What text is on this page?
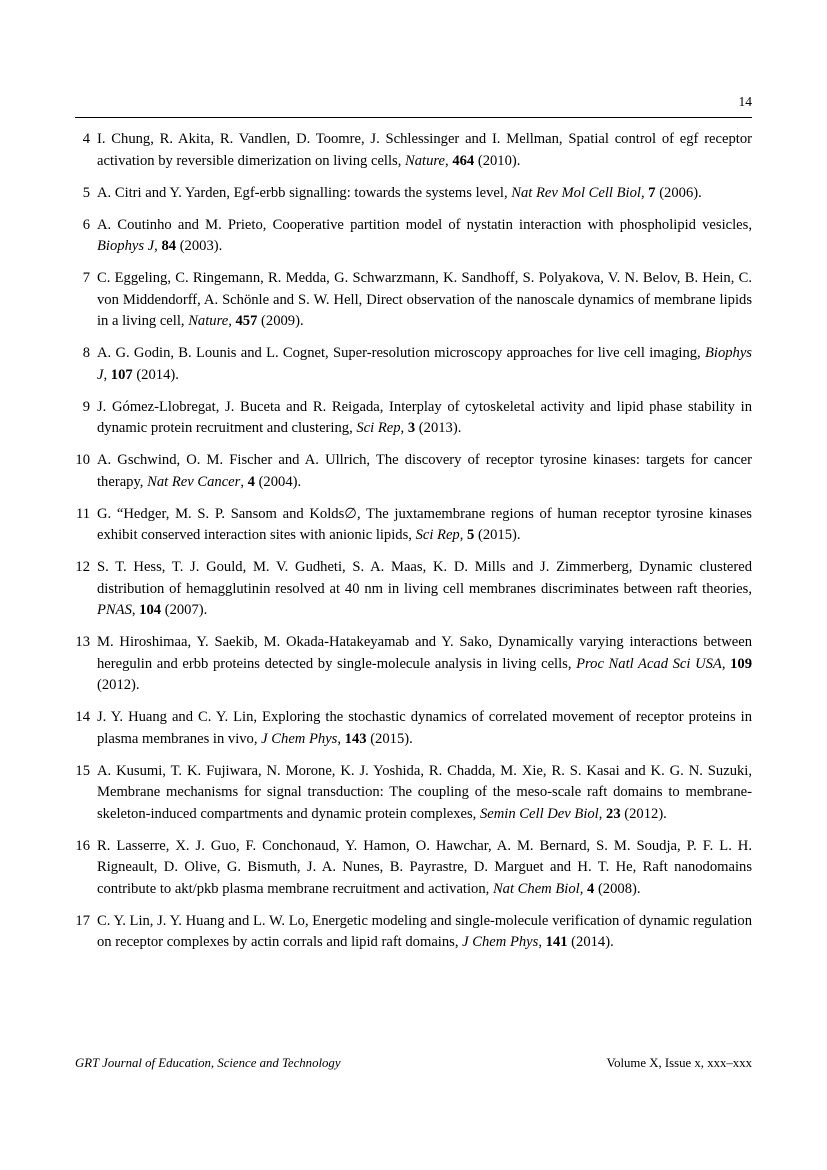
14
4 I. Chung, R. Akita, R. Vandlen, D. Toomre, J. Schlessinger and I. Mellman, Spatial control of egf receptor activation by reversible dimerization on living cells, Nature, 464 (2010).
5 A. Citri and Y. Yarden, Egf-erbb signalling: towards the systems level, Nat Rev Mol Cell Biol, 7 (2006).
6 A. Coutinho and M. Prieto, Cooperative partition model of nystatin interaction with phospholipid vesicles, Biophys J, 84 (2003).
7 C. Eggeling, C. Ringemann, R. Medda, G. Schwarzmann, K. Sandhoff, S. Polyakova, V. N. Belov, B. Hein, C. von Middendorff, A. Schönle and S. W. Hell, Direct observation of the nanoscale dynamics of membrane lipids in a living cell, Nature, 457 (2009).
8 A. G. Godin, B. Lounis and L. Cognet, Super-resolution microscopy approaches for live cell imaging, Biophys J, 107 (2014).
9 J. Gómez-Llobregat, J. Buceta and R. Reigada, Interplay of cytoskeletal activity and lipid phase stability in dynamic protein recruitment and clustering, Sci Rep, 3 (2013).
10 A. Gschwind, O. M. Fischer and A. Ullrich, The discovery of receptor tyrosine kinases: targets for cancer therapy, Nat Rev Cancer, 4 (2004).
11 G. “Hedger, M. S. P. Sansom and Kolds∅, The juxtamembrane regions of human receptor tyrosine kinases exhibit conserved interaction sites with anionic lipids, Sci Rep, 5 (2015).
12 S. T. Hess, T. J. Gould, M. V. Gudheti, S. A. Maas, K. D. Mills and J. Zimmerberg, Dynamic clustered distribution of hemagglutinin resolved at 40 nm in living cell membranes discriminates between raft theories, PNAS, 104 (2007).
13 M. Hiroshimaa, Y. Saekib, M. Okada-Hatakeyamab and Y. Sako, Dynamically varying interactions between heregulin and erbb proteins detected by single-molecule analysis in living cells, Proc Natl Acad Sci USA, 109 (2012).
14 J. Y. Huang and C. Y. Lin, Exploring the stochastic dynamics of correlated movement of receptor proteins in plasma membranes in vivo, J Chem Phys, 143 (2015).
15 A. Kusumi, T. K. Fujiwara, N. Morone, K. J. Yoshida, R. Chadda, M. Xie, R. S. Kasai and K. G. N. Suzuki, Membrane mechanisms for signal transduction: The coupling of the meso-scale raft domains to membrane-skeleton-induced compartments and dynamic protein complexes, Semin Cell Dev Biol, 23 (2012).
16 R. Lasserre, X. J. Guo, F. Conchonaud, Y. Hamon, O. Hawchar, A. M. Bernard, S. M. Soudja, P. F. L. H. Rigneault, D. Olive, G. Bismuth, J. A. Nunes, B. Payrastre, D. Marguet and H. T. He, Raft nanodomains contribute to akt/pkb plasma membrane recruitment and activation, Nat Chem Biol, 4 (2008).
17 C. Y. Lin, J. Y. Huang and L. W. Lo, Energetic modeling and single-molecule verification of dynamic regulation on receptor complexes by actin corrals and lipid raft domains, J Chem Phys, 141 (2014).
GRT Journal of Education, Science and Technology	Volume X, Issue x, xxx–xxx
